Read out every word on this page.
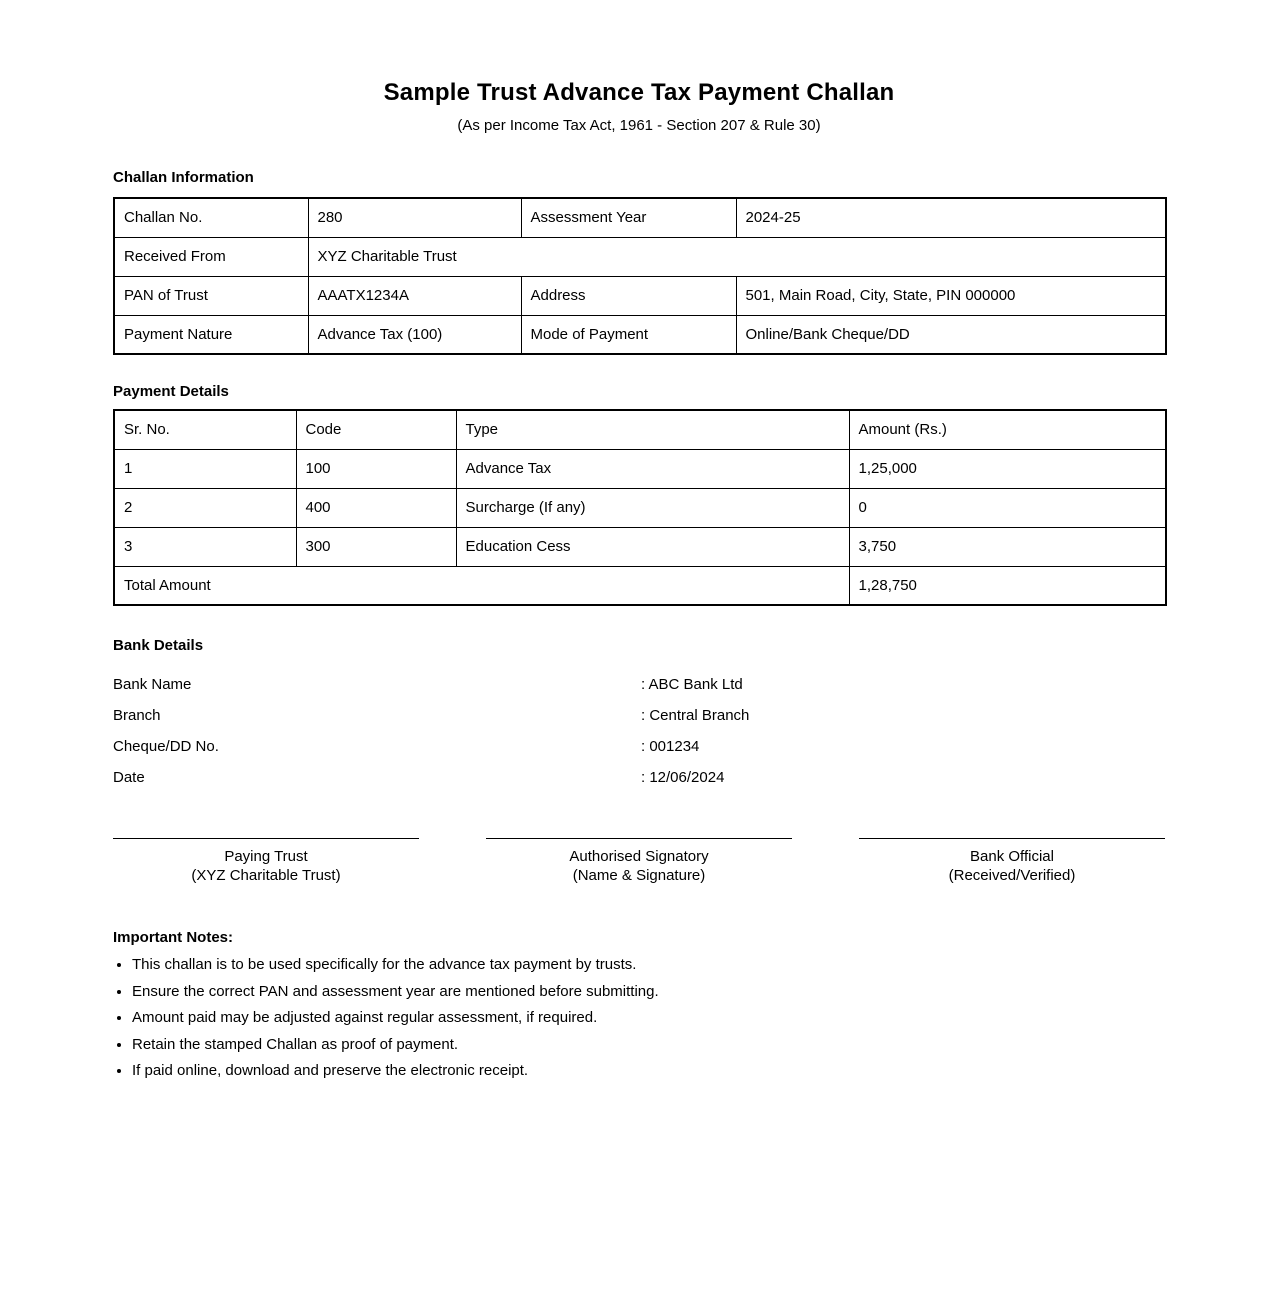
Sample Trust Advance Tax Payment Challan
(As per Income Tax Act, 1961 - Section 207 & Rule 30)
Challan Information
Challan No.	280	Assessment Year	2024-25
Received From	XYZ Charitable Trust		
PAN of Trust	AAATX1234A	Address	501, Main Road, City, State, PIN 000000
Payment Nature	Advance Tax (100)	Mode of Payment	Online/Bank Cheque/DD
Payment Details
Sr. No.	Code	Type	Amount (Rs.)
1	100	Advance Tax	1,25,000
2	400	Surcharge (If any)	0
3	300	Education Cess	3,750
Total Amount			1,28,750
Bank Details
Bank Name	: ABC Bank Ltd
Branch	: Central Branch
Cheque/DD No.	: 001234
Date	: 12/06/2024
Paying Trust
(XYZ Charitable Trust)
Authorised Signatory
(Name & Signature)
Bank Official
(Received/Verified)
Important Notes:
• This challan is to be used specifically for the advance tax payment by trusts.
• Ensure the correct PAN and assessment year are mentioned before submitting.
• Amount paid may be adjusted against regular assessment, if required.
• Retain the stamped Challan as proof of payment.
• If paid online, download and preserve the electronic receipt.
